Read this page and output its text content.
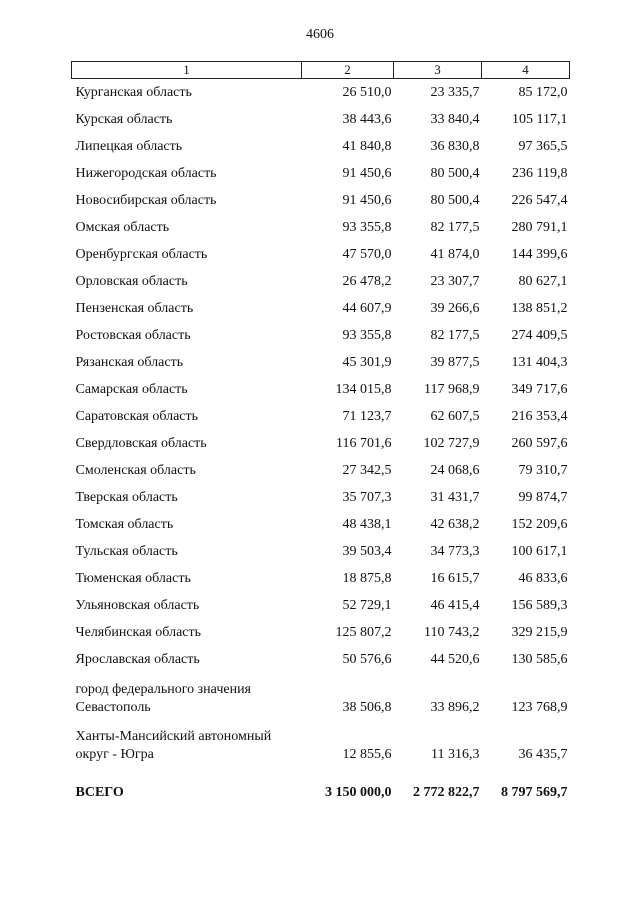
4606
1	2	3	4
Курганская область	26 510,0	23 335,7	85 172,0
Курская область	38 443,6	33 840,4	105 117,1
Липецкая область	41 840,8	36 830,8	97 365,5
Нижегородская область	91 450,6	80 500,4	236 119,8
Новосибирская область	91 450,6	80 500,4	226 547,4
Омская область	93 355,8	82 177,5	280 791,1
Оренбургская область	47 570,0	41 874,0	144 399,6
Орловская область	26 478,2	23 307,7	80 627,1
Пензенская область	44 607,9	39 266,6	138 851,2
Ростовская область	93 355,8	82 177,5	274 409,5
Рязанская область	45 301,9	39 877,5	131 404,3
Самарская область	134 015,8	117 968,9	349 717,6
Саратовская область	71 123,7	62 607,5	216 353,4
Свердловская область	116 701,6	102 727,9	260 597,6
Смоленская область	27 342,5	24 068,6	79 310,7
Тверская область	35 707,3	31 431,7	99 874,7
Томская область	48 438,1	42 638,2	152 209,6
Тульская область	39 503,4	34 773,3	100 617,1
Тюменская область	18 875,8	16 615,7	46 833,6
Ульяновская область	52 729,1	46 415,4	156 589,3
Челябинская область	125 807,2	110 743,2	329 215,9
Ярославская область	50 576,6	44 520,6	130 585,6
город федерального значения Севастополь	38 506,8	33 896,2	123 768,9
Ханты-Мансийский автономный округ - Югра	12 855,6	11 316,3	36 435,7
ВСЕГО	3 150 000,0	2 772 822,7	8 797 569,7
